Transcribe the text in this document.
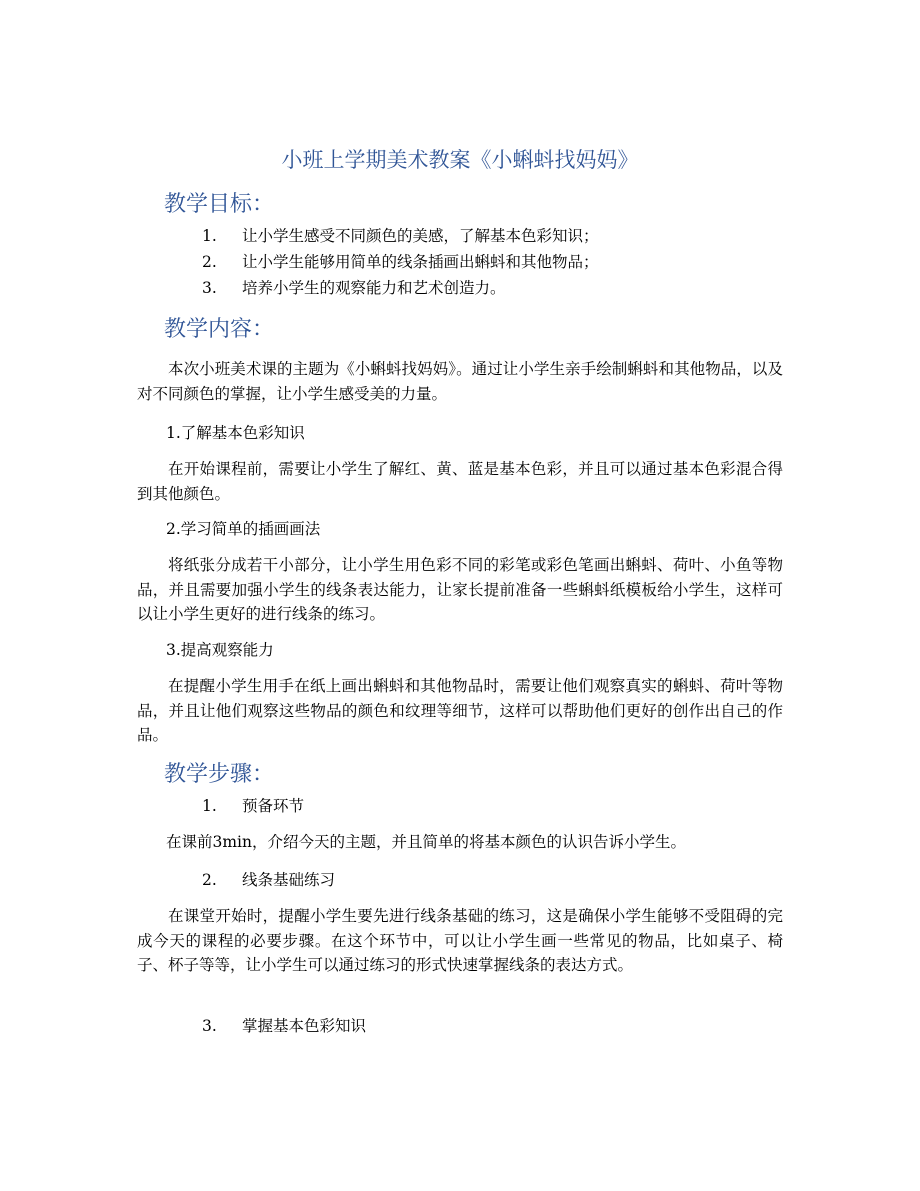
小班上学期美术教案《小蝌蚪找妈妈》
教学目标：
1. 让小学生感受不同颜色的美感，了解基本色彩知识；
2. 让小学生能够用简单的线条插画出蝌蚪和其他物品；
3. 培养小学生的观察能力和艺术创造力。
教学内容：
本次小班美术课的主题为《小蝌蚪找妈妈》。通过让小学生亲手绘制蝌蚪和其他物品，以及对不同颜色的掌握，让小学生感受美的力量。
1.了解基本色彩知识
在开始课程前，需要让小学生了解红、黄、蓝是基本色彩，并且可以通过基本色彩混合得到其他颜色。
2.学习简单的插画画法
将纸张分成若干小部分，让小学生用色彩不同的彩笔或彩色笔画出蝌蚪、荷叶、小鱼等物品，并且需要加强小学生的线条表达能力，让家长提前准备一些蝌蚪纸模板给小学生，这样可以让小学生更好的进行线条的练习。
3.提高观察能力
在提醒小学生用手在纸上画出蝌蚪和其他物品时，需要让他们观察真实的蝌蚪、荷叶等物品，并且让他们观察这些物品的颜色和纹理等细节，这样可以帮助他们更好的创作出自己的作品。
教学步骤：
1. 预备环节
在课前3min，介绍今天的主题，并且简单的将基本颜色的认识告诉小学生。
2. 线条基础练习
在课堂开始时，提醒小学生要先进行线条基础的练习，这是确保小学生能够不受阻碍的完成今天的课程的必要步骤。在这个环节中，可以让小学生画一些常见的物品，比如桌子、椅子、杯子等等，让小学生可以通过练习的形式快速掌握线条的表达方式。
3. 掌握基本色彩知识
